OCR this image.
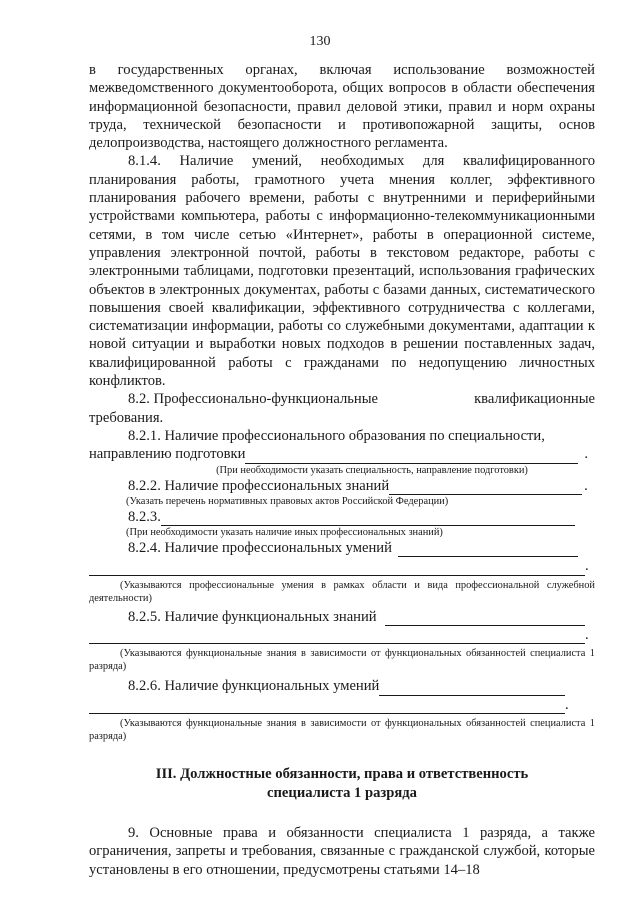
130

в государственных органах, включая использование возможностей межведомственного документооборота, общих вопросов в области обеспечения информационной безопасности, правил деловой этики, правил и норм охраны труда, технической безопасности и противопожарной защиты, основ делопроизводства, настоящего должностного регламента.

8.1.4. Наличие умений, необходимых для квалифицированного планирования работы, грамотного учета мнения коллег, эффективного планирования рабочего времени, работы с внутренними и периферийными устройствами компьютера, работы с информационно-телекоммуникационными сетями, в том числе сетью «Интернет», работы в операционной системе, управления электронной почтой, работы в текстовом редакторе, работы с электронными таблицами, подготовки презентаций, использования графических объектов в электронных документах, работы с базами данных, систематического повышения своей квалификации, эффективного сотрудничества с коллегами, систематизации информации, работы со служебными документами, адаптации к новой ситуации и выработки новых подходов в решении поставленных задач, квалифицированной работы с гражданами по недопущению личностных конфликтов.

8.2. Профессионально-функциональные	квалификационные

требования.

8.2.1. Наличие профессионального образования по специальности,

направлению подготовки	.

(При необходимости указать специальность, направление подготовки)

8.2.2. Наличие профессиональных знаний	.

(Указать перечень нормативных правовых актов Российской Федерации)

8.2.3.

(При необходимости указать наличие иных профессиональных знаний)

8.2.4. Наличие профессиональных умений
.

(Указываются профессиональные умения в рамках области и вида профессиональной служебной деятельности)

8.2.5. Наличие функциональных знаний
.

(Указываются функциональные знания в зависимости от функциональных обязанностей специалиста 1 разряда)

8.2.6. Наличие функциональных умений
.

(Указываются функциональные знания в зависимости от функциональных обязанностей специалиста 1 разряда)

III. Должностные обязанности, права и ответственность

специалиста 1 разряда

9. Основные права и обязанности специалиста 1 разряда, а также ограничения, запреты и требования, связанные с гражданской службой, которые установлены в его отношении, предусмотрены статьями 14–18
